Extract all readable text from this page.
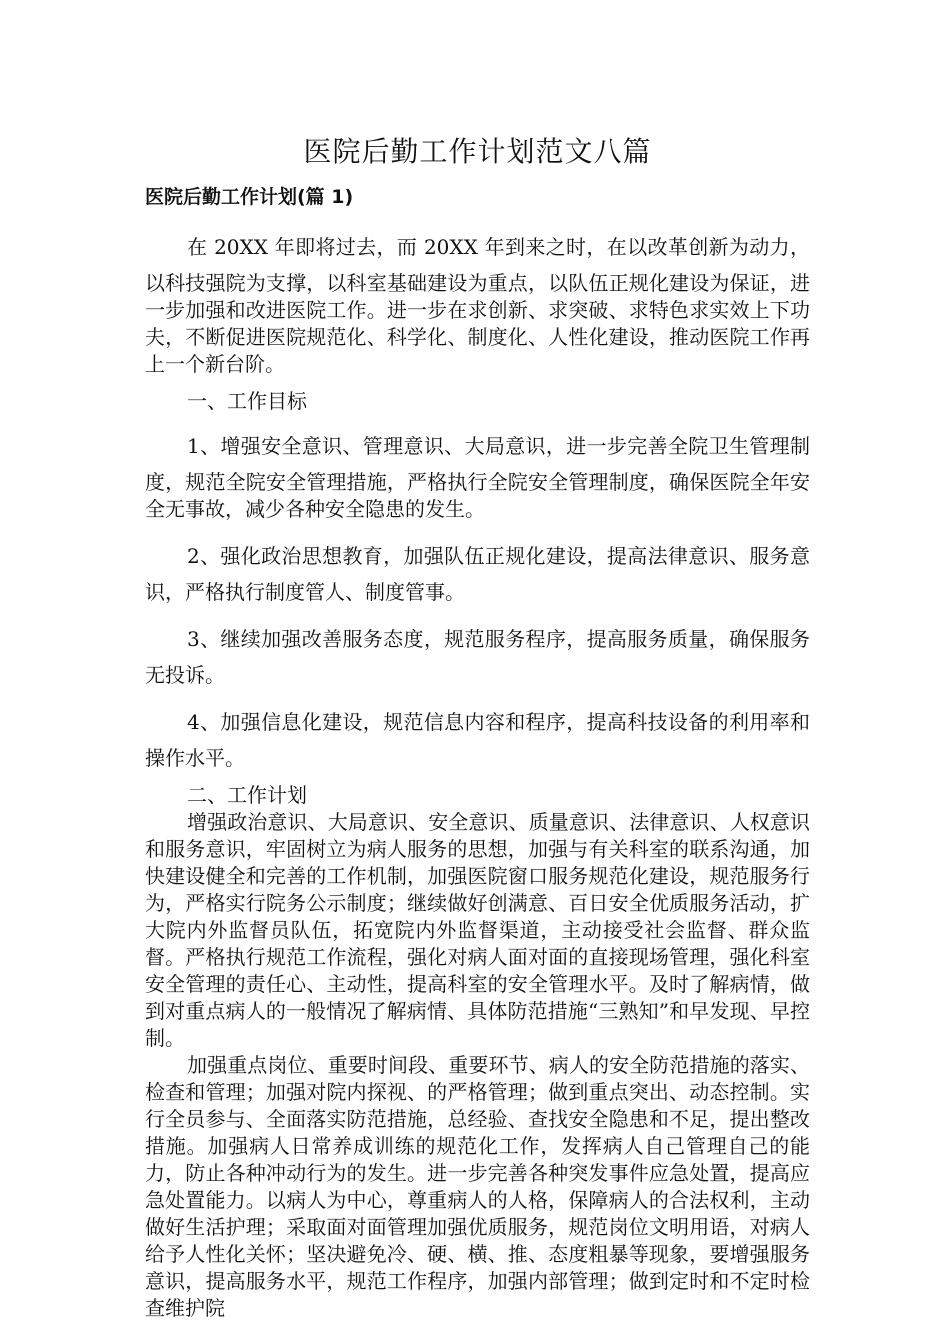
医院后勤工作计划范文八篇
医院后勤工作计划(篇 1)

在 20XX 年即将过去，而 20XX 年到来之时，在以改革创新为动力，以科技强院为支撑，以科室基础建设为重点，以队伍正规化建设为保证，进一步加强和改进医院工作。进一步在求创新、求突破、求特色求实效上下功夫，不断促进医院规范化、科学化、制度化、人性化建设，推动医院工作再上一个新台阶。

一、工作目标

1、增强安全意识、管理意识、大局意识，进一步完善全院卫生管理制度，规范全院安全管理措施，严格执行全院安全管理制度，确保医院全年安全无事故，减少各种安全隐患的发生。

2、强化政治思想教育，加强队伍正规化建设，提高法律意识、服务意识，严格执行制度管人、制度管事。

3、继续加强改善服务态度，规范服务程序，提高服务质量，确保服务无投诉。

4、加强信息化建设，规范信息内容和程序，提高科技设备的利用率和操作水平。

二、工作计划

增强政治意识、大局意识、安全意识、质量意识、法律意识、人权意识和服务意识，牢固树立为病人服务的思想，加强与有关科室的联系沟通，加快建设健全和完善的工作机制，加强医院窗口服务规范化建设，规范服务行为，严格实行院务公示制度；继续做好创满意、百日安全优质服务活动，扩大院内外监督员队伍，拓宽院内外监督渠道，主动接受社会监督、群众监督。严格执行规范工作流程，强化对病人面对面的直接现场管理，强化科室安全管理的责任心、主动性，提高科室的安全管理水平。及时了解病情，做到对重点病人的一般情况了解病情、具体防范措施“三熟知”和早发现、早控制。

加强重点岗位、重要时间段、重要环节、病人的安全防范措施的落实、检查和管理；加强对院内探视、的严格管理；做到重点突出、动态控制。实行全员参与、全面落实防范措施，总经验、查找安全隐患和不足，提出整改措施。加强病人日常养成训练的规范化工作，发挥病人自己管理自己的能力，防止各种冲动行为的发生。进一步完善各种突发事件应急处置，提高应急处置能力。以病人为中心，尊重病人的人格，保障病人的合法权利，主动做好生活护理；采取面对面管理加强优质服务，规范岗位文明用语，对病人给予人性化关怀；坚决避免冷、硬、横、推、态度粗暴等现象，要增强服务意识，提高服务水平，规范工作程序，加强内部管理；做到定时和不定时检查维护院
